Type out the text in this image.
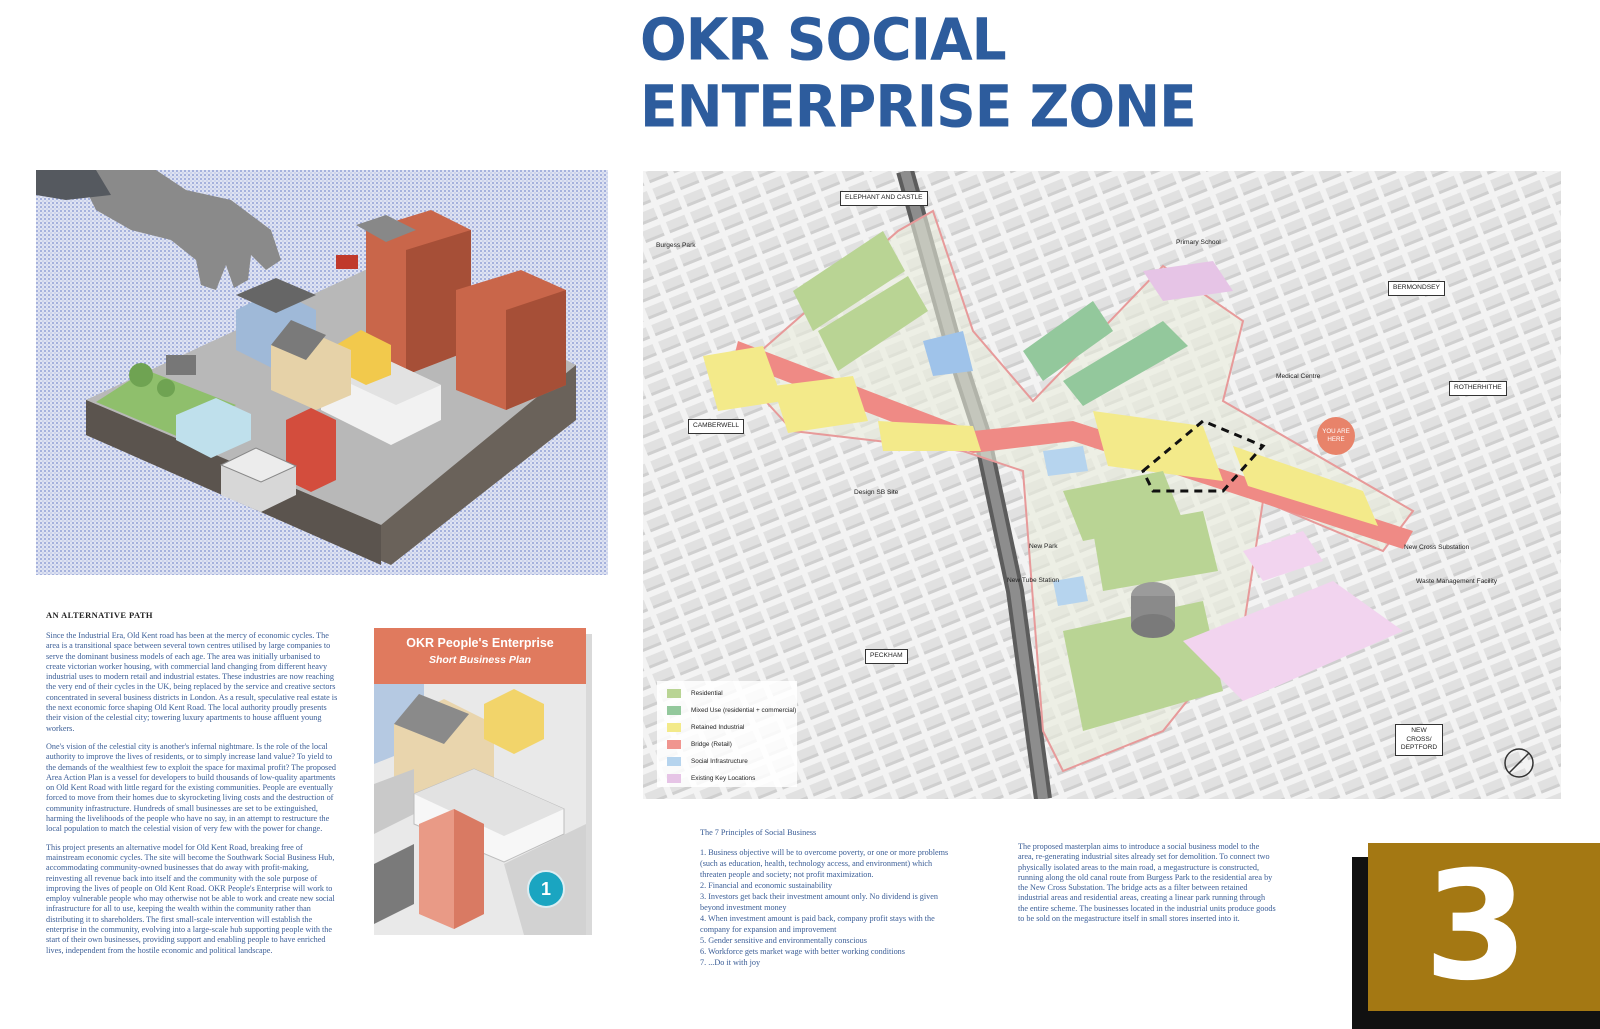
OKR SOCIAL
ENTERPRISE ZONE
AN ALTERNATIVE PATH

Since the Industrial Era, Old Kent road has been at the mercy of economic cycles. The area is a transitional space between several town centres utilised by large companies to serve the dominant business models of each age. The area was initially urbanised to create victorian worker housing, with commercial land changing from different heavy industrial uses to modern retail and industrial estates. These industries are now reaching the very end of their cycles in the UK, being replaced by the service and creative sectors concentrated in several business districts in London. As a result, speculative real estate is the next economic force shaping Old Kent Road. The local authority proudly presents their vision of the celestial city; towering luxury apartments to house affluent young workers.

One's vision of the celestial city is another's infernal nightmare. Is the role of the local authority to improve the lives of residents, or to simply increase land value? To yield to the demands of the wealthiest few to exploit the space for maximal profit? The proposed Area Action Plan is a vessel for developers to build thousands of low-quality apartments on Old Kent Road with little regard for the existing communities. People are eventually forced to move from their homes due to skyrocketing living costs and the destruction of community infrastructure. Hundreds of small businesses are set to be extinguished, harming the livelihoods of the people who have no say, in an attempt to restructure the local population to match the celestial vision of very few with the power for change.

This project presents an alternative model for Old Kent Road, breaking free of mainstream economic cycles. The site will become the Southwark Social Business Hub, accommodating community-owned businesses that do away with profit-making, reinvesting all revenue back into itself and the community with the sole purpose of improving the lives of people on Old Kent Road. OKR People's Enterprise will work to employ vulnerable people who may otherwise not be able to work and create new social infrastructure for all to use, keeping the wealth within the community rather than distributing it to shareholders. The first small-scale intervention will establish the enterprise in the community, evolving into a large-scale hub supporting people with the start of their own businesses, providing support and enabling people to have enriched lives, independent from the hostile economic and political landscape.

OKR People's Enterprise
Short Business Plan
1
ELEPHANT AND CASTLE
BERMONDSEY
ROTHERHITHE
CAMBERWELL
PECKHAM
NEW CROSS/ DEPTFORD
Burgess Park	Primary School
Medical Centre
Design SB Site
New Park
New Tube Station
New Cross Substation
Waste Management Facility
YOU ARE
HERE
Residential
Mixed Use (residential + commercial)
Retained Industrial
Bridge (Retail)
Social Infrastructure
Existing Key Locations

The 7 Principles of Social Business

1. Business objective will be to overcome poverty, or one or more problems
(such as education, health, technology access, and environment) which
threaten people and society; not profit maximization.
2. Financial and economic sustainability
3. Investors get back their investment amount only. No dividend is given
beyond investment money
4. When investment amount is paid back, company profit stays with the
company for expansion and improvement
5. Gender sensitive and environmentally conscious
6. Workforce gets market wage with better working conditions
7. ...Do it with joy

The proposed masterplan aims to introduce a social business model to the area, re-generating industrial sites already set for demolition. To connect two physically isolated areas to the main road, a megastructure is constructed, running along the old canal route from Burgess Park to the residential area by the New Cross Substation. The bridge acts as a filter between retained industrial areas and residential areas, creating a linear park running through the entire scheme. The businesses located in the industrial units produce goods to be sold on the megastructure itself in small stores inserted into it. 3
